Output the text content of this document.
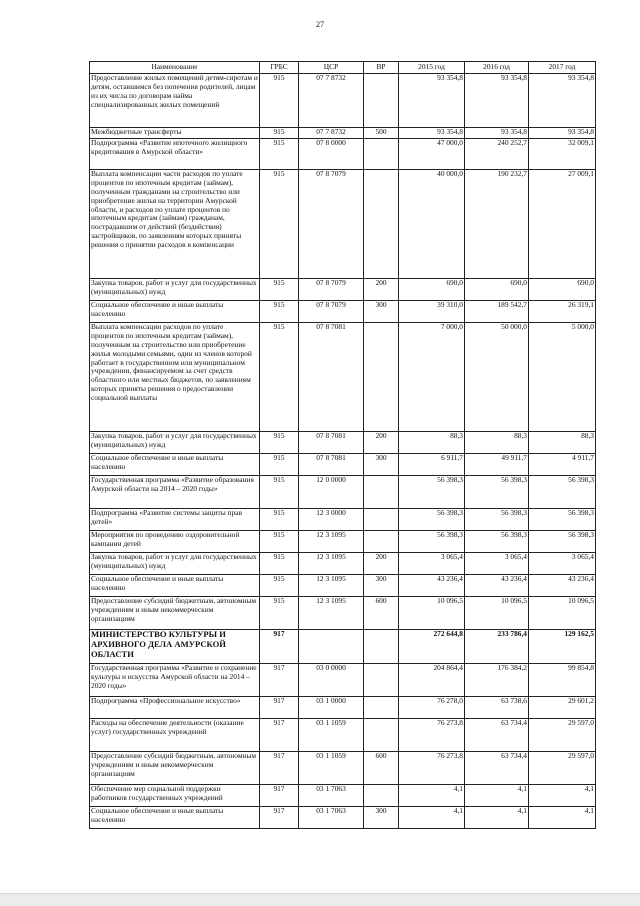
27
Наименование	ГРБС	ЦСР	ВР	2015 год	2016 год	2017 год
Предоставление жилых помещений детям-сиротам и детям, оставшимся без попечения родителей, лицам из их числа по договорам найма специализированных жилых помещений	915	07 7 8732		93 354,8	93 354,8	93 354,8
Межбюджетные трансферты	915	07 7 8732	500	93 354,8	93 354,8	93 354,8
Подпрограмма «Развитие ипотечного жилищного кредитования в Амурской области»	915	07 8 0000		47 000,0	240 252,7	32 009,1
Выплата компенсации части расходов по уплате процентов по ипотечным кредитам (займам), полученным гражданами на строительство или приобретение жилья на территории Амурской области, и расходов по уплате процентов по ипотечным кредитам (займам) гражданам, пострадавшим от действий (бездействия) застройщиков, по заявлениям которых приняты решения о принятии расходов в компенсации	915	07 8 7079		40 000,0	190 232,7	27 009,1
Закупка товаров, работ и услуг для государственных (муниципальных) нужд	915	07 8 7079	200	690,0	690,0	690,0
Социальное обеспечение и иные выплаты населению	915	07 8 7079	300	39 310,0	189 542,7	26 319,1
Выплата компенсации расходов по уплате процентов по ипотечным кредитам (займам), полученным на строительство или приобретение жилья молодыми семьями, один из членов которой работает в государственном или муниципальном учреждении, финансируемом за счет средств областного или местных бюджетов, по заявлениям которых приняты решения о предоставлении социальной выплаты	915	07 8 7081		7 000,0	50 000,0	5 000,0
Закупка товаров, работ и услуг для государственных (муниципальных) нужд	915	07 8 7081	200	88,3	88,3	88,3
Социальное обеспечение и иные выплаты населению	915	07 8 7081	300	6 911,7	49 911,7	4 911,7
Государственная программа «Развитие образования Амурской области на 2014 – 2020 годы»	915	12 0 0000		56 398,3	56 398,3	56 398,3
Подпрограмма «Развитие системы защиты прав детей»	915	12 3 0000		56 398,3	56 398,3	56 398,3
Мероприятия по проведению оздоровительной кампании детей	915	12 3 1095		56 398,3	56 398,3	56 398,3
Закупка товаров, работ и услуг для государственных (муниципальных) нужд	915	12 3 1095	200	3 065,4	3 065,4	3 065,4
Социальное обеспечение и иные выплаты населению	915	12 3 1095	300	43 236,4	43 236,4	43 236,4
Предоставление субсидий бюджетным, автономным учреждениям и иным некоммерческим организациям	915	12 3 1095	600	10 096,5	10 096,5	10 096,5
МИНИСТЕРСТВО КУЛЬТУРЫ И АРХИВНОГО ДЕЛА АМУРСКОЙ ОБЛАСТИ	917			272 644,8	233 786,4	129 162,5
Государственная программа «Развитие и сохранение культуры и искусства Амурской области на 2014 – 2020 годы»	917	03 0 0000		204 864,4	176 384,2	99 854,8
Подпрограмма «Профессиональное искусство»	917	03 1 0000		76 278,0	63 738,6	29 601,2
Расходы на обеспечение деятельности (оказание услуг) государственных учреждений	917	03 1 1059		76 273,8	63 734,4	29 597,0
Предоставление субсидий бюджетным, автономным учреждениям и иным некоммерческим организациям	917	03 1 1059	600	76 273,8	63 734,4	29 597,0
Обеспечение мер социальной поддержки работников государственных учреждений	917	03 1 7063		4,1	4,1	4,1
Социальное обеспечение и иные выплаты населению	917	03 1 7063	300	4,1	4,1	4,1
